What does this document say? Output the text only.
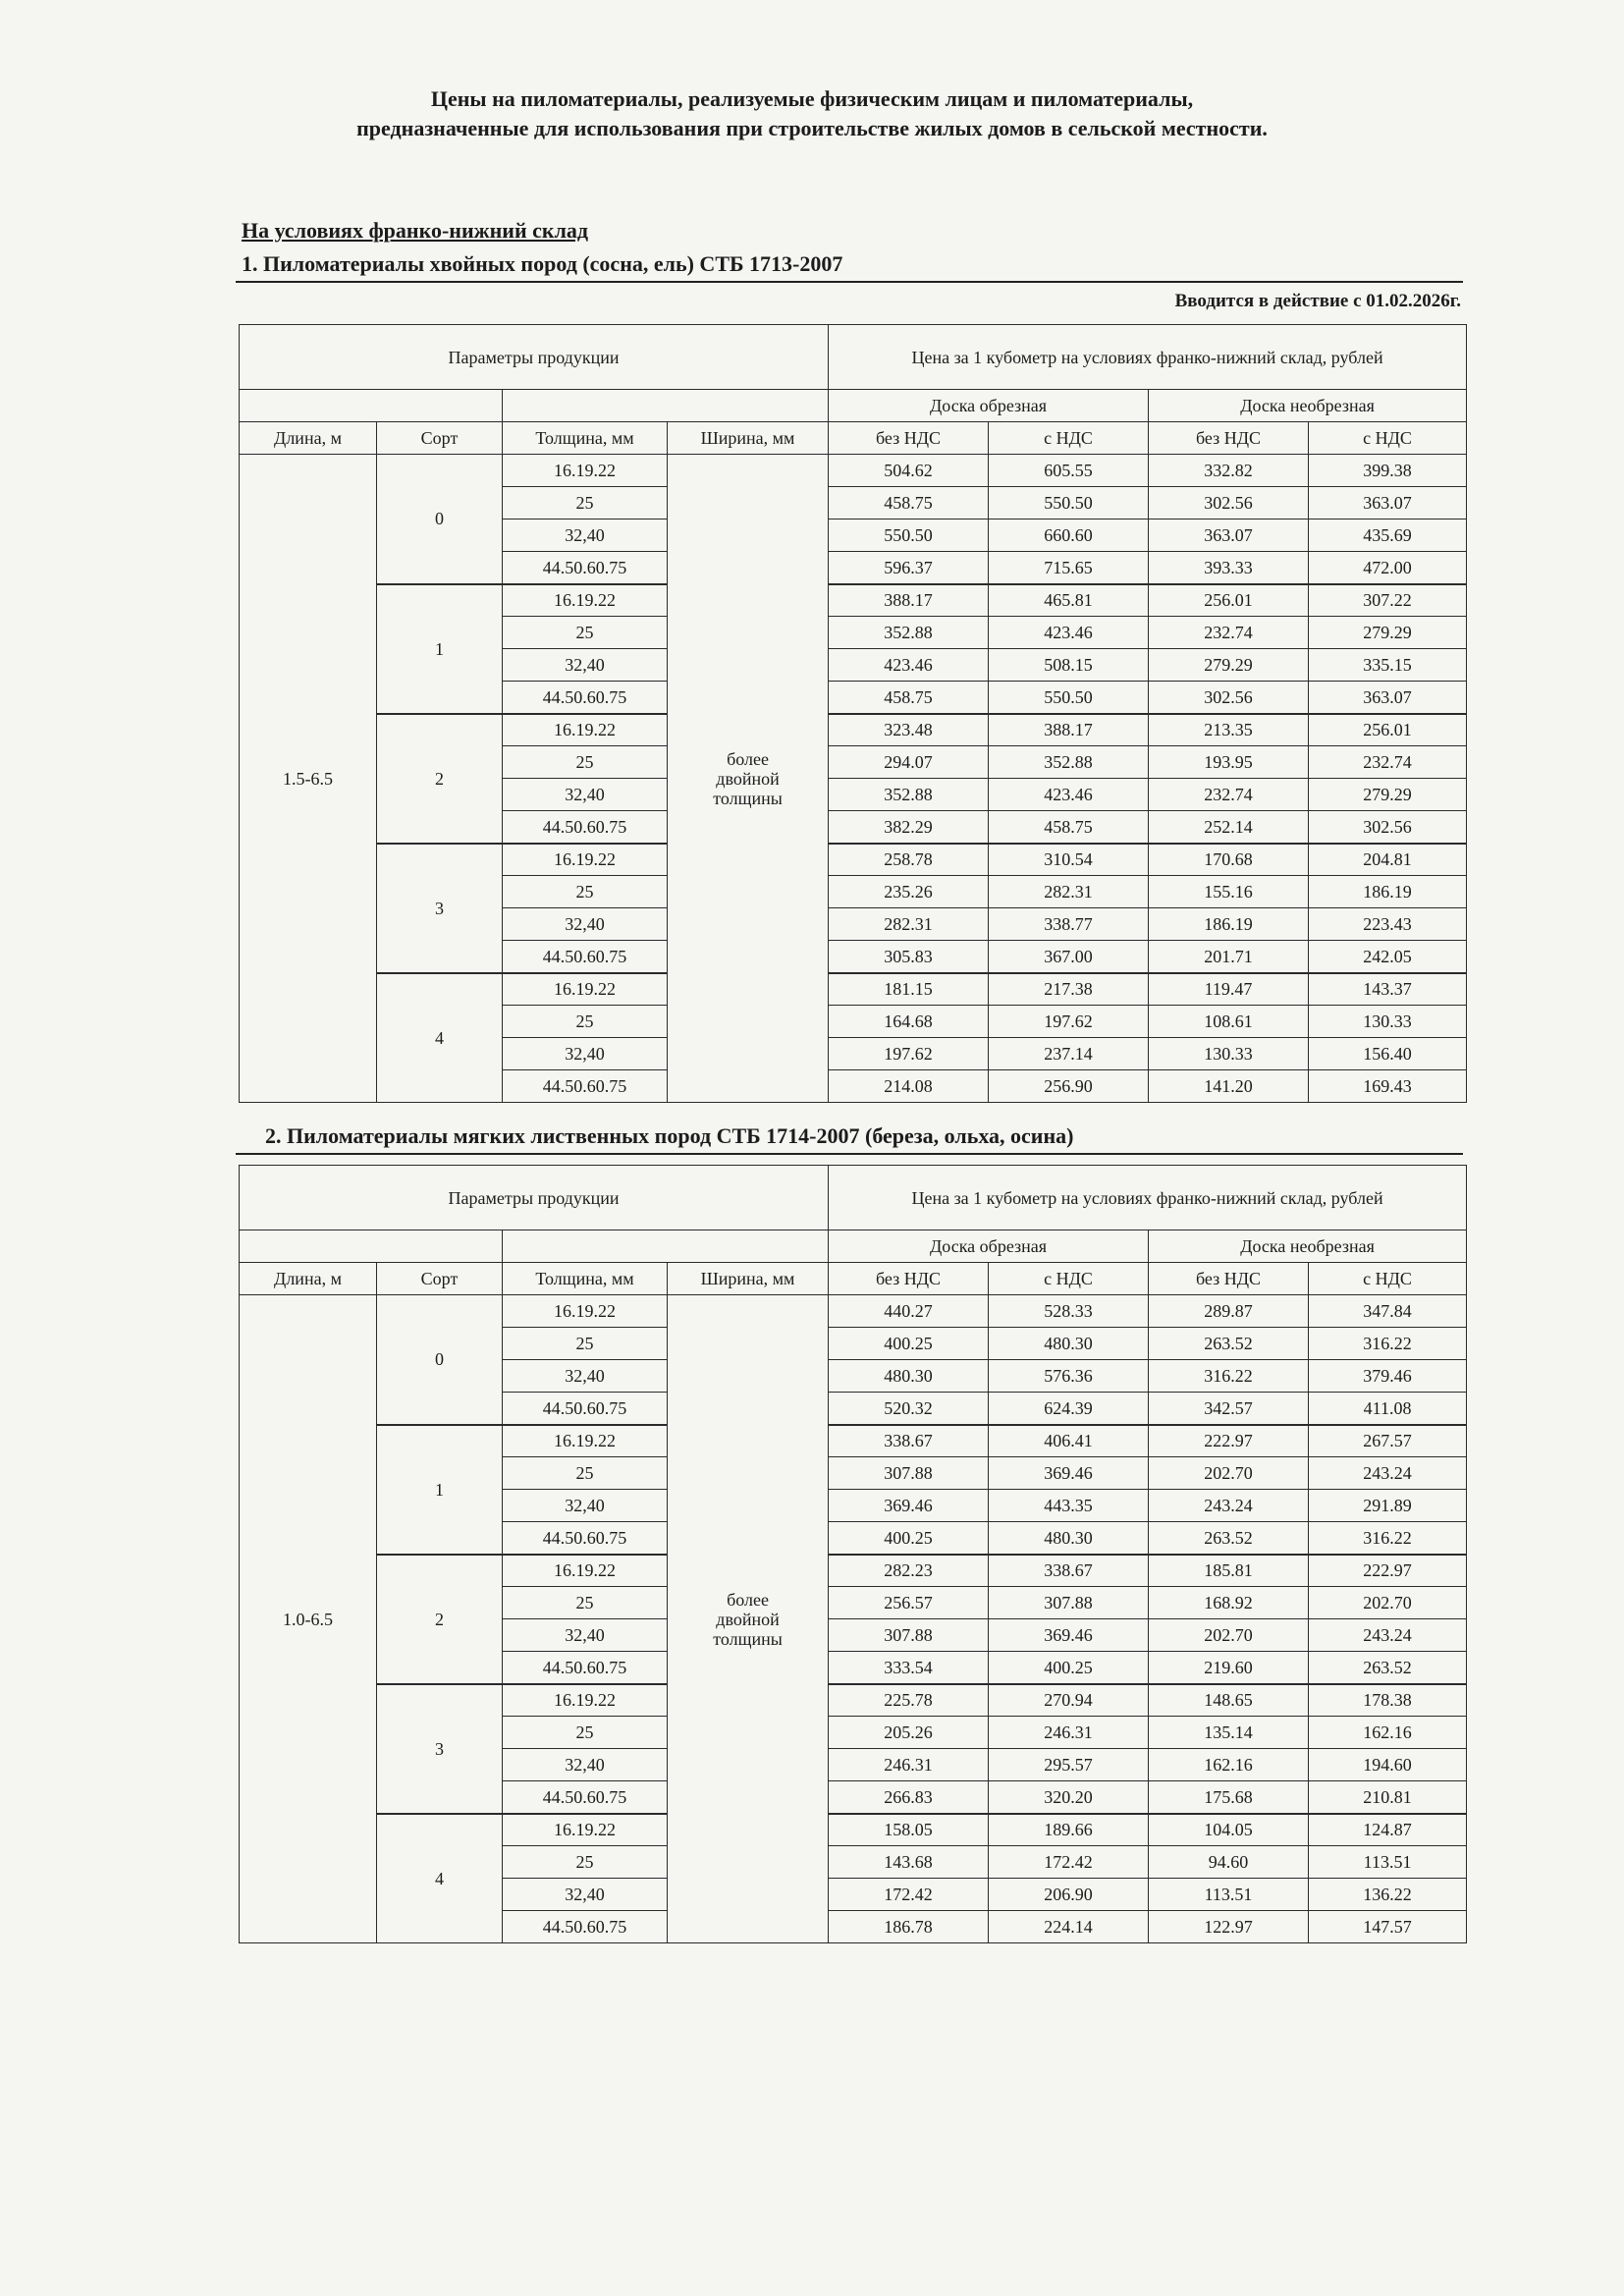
Цены на пиломатериалы, реализуемые физическим лицам и пиломатериалы,
предназначенные для использования при строительстве жилых домов в сельской местности.
На условиях франко-нижний склад
1. Пиломатериалы хвойных пород (сосна, ель) СТБ 1713-2007
Вводится в действие с 01.02.2026г.
Параметры продукции				Цена за 1 кубометр на условиях франко-нижний склад, рублей			
				Доска обрезная		Доска необрезная	
Длина, м	Сорт	Толщина, мм	Ширина, мм	без НДС	с НДС	без НДС	с НДС
1.5-6.5	0	16.19.22	более двойной толщины	504.62	605.55	332.82	399.38
		25		458.75	550.50	302.56	363.07
		32,40		550.50	660.60	363.07	435.69
		44.50.60.75		596.37	715.65	393.33	472.00
	1	16.19.22		388.17	465.81	256.01	307.22
		25		352.88	423.46	232.74	279.29
		32,40		423.46	508.15	279.29	335.15
		44.50.60.75		458.75	550.50	302.56	363.07
	2	16.19.22		323.48	388.17	213.35	256.01
		25		294.07	352.88	193.95	232.74
		32,40		352.88	423.46	232.74	279.29
		44.50.60.75		382.29	458.75	252.14	302.56
	3	16.19.22		258.78	310.54	170.68	204.81
		25		235.26	282.31	155.16	186.19
		32,40		282.31	338.77	186.19	223.43
		44.50.60.75		305.83	367.00	201.71	242.05
	4	16.19.22		181.15	217.38	119.47	143.37
		25		164.68	197.62	108.61	130.33
		32,40		197.62	237.14	130.33	156.40
		44.50.60.75		214.08	256.90	141.20	169.43
2. Пиломатериалы мягких лиственных пород СТБ 1714-2007 (береза, ольха, осина)
Параметры продукции				Цена за 1 кубометр на условиях франко-нижний склад, рублей			
				Доска обрезная		Доска необрезная	
Длина, м	Сорт	Толщина, мм	Ширина, мм	без НДС	с НДС	без НДС	с НДС
1.0-6.5	0	16.19.22	более двойной толщины	440.27	528.33	289.87	347.84
		25		400.25	480.30	263.52	316.22
		32,40		480.30	576.36	316.22	379.46
		44.50.60.75		520.32	624.39	342.57	411.08
	1	16.19.22		338.67	406.41	222.97	267.57
		25		307.88	369.46	202.70	243.24
		32,40		369.46	443.35	243.24	291.89
		44.50.60.75		400.25	480.30	263.52	316.22
	2	16.19.22		282.23	338.67	185.81	222.97
		25		256.57	307.88	168.92	202.70
		32,40		307.88	369.46	202.70	243.24
		44.50.60.75		333.54	400.25	219.60	263.52
	3	16.19.22		225.78	270.94	148.65	178.38
		25		205.26	246.31	135.14	162.16
		32,40		246.31	295.57	162.16	194.60
		44.50.60.75		266.83	320.20	175.68	210.81
	4	16.19.22		158.05	189.66	104.05	124.87
		25		143.68	172.42	94.60	113.51
		32,40		172.42	206.90	113.51	136.22
		44.50.60.75		186.78	224.14	122.97	147.57
